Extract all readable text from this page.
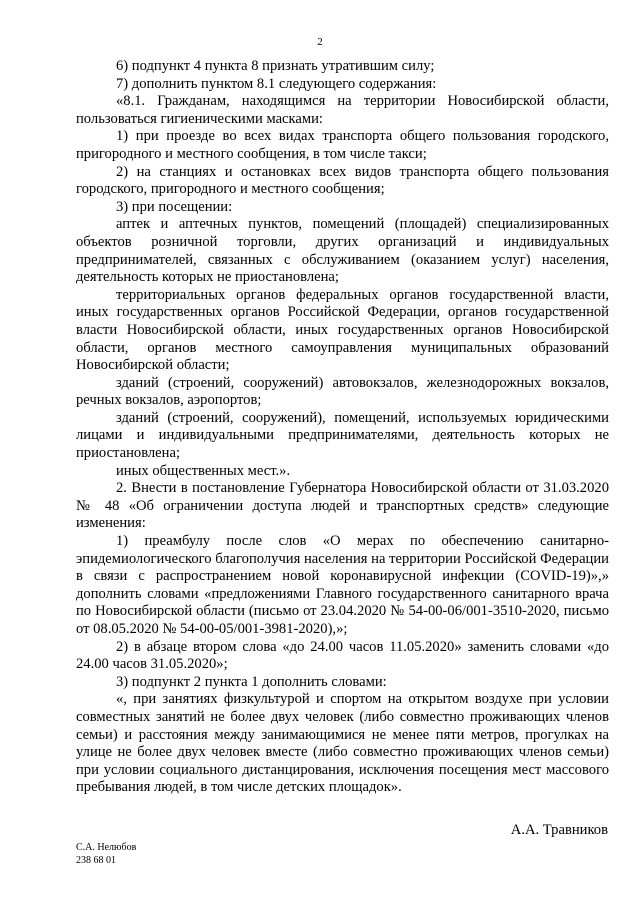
2

6) подпункт 4 пункта 8 признать утратившим силу;

7) дополнить пунктом 8.1 следующего содержания:

«8.1. Гражданам, находящимся на территории Новосибирской области, пользоваться гигиеническими масками:

1) при проезде во всех видах транспорта общего пользования городского, пригородного и местного сообщения, в том числе такси;

2) на станциях и остановках всех видов транспорта общего пользования городского, пригородного и местного сообщения;

3) при посещении:

аптек и аптечных пунктов, помещений (площадей) специализированных объектов розничной торговли, других организаций и индивидуальных предпринимателей, связанных с обслуживанием (оказанием услуг) населения, деятельность которых не приостановлена;

территориальных органов федеральных органов государственной власти, иных государственных органов Российской Федерации, органов государственной власти Новосибирской области, иных государственных органов Новосибирской области, органов местного самоуправления муниципальных образований Новосибирской области;

зданий (строений, сооружений) автовокзалов, железнодорожных вокзалов, речных вокзалов, аэропортов;

зданий (строений, сооружений), помещений, используемых юридическими лицами и индивидуальными предпринимателями, деятельность которых не приостановлена;

иных общественных мест.».

2. Внести в постановление Губернатора Новосибирской области от 31.03.2020 № 48 «Об ограничении доступа людей и транспортных средств» следующие изменения:

1) преамбулу после слов «О мерах по обеспечению санитарно-эпидемиологического благополучия населения на территории Российской Федерации в связи с распространением новой коронавирусной инфекции (COVID-19)»,» дополнить словами «предложениями Главного государственного санитарного врача по Новосибирской области (письмо от 23.04.2020 № 54-00-06/001-3510-2020, письмо от 08.05.2020 № 54-00-05/001-3981-2020),»;

2) в абзаце втором слова «до 24.00 часов 11.05.2020» заменить словами «до 24.00 часов 31.05.2020»;

3) подпункт 2 пункта 1 дополнить словами:

«, при занятиях физкультурой и спортом на открытом воздухе при условии совместных занятий не более двух человек (либо совместно проживающих членов семьи) и расстояния между занимающимися не менее пяти метров, прогулках на улице не более двух человек вместе (либо совместно проживающих членов семьи) при условии социального дистанцирования, исключения посещения мест массового пребывания людей, в том числе детских площадок».

А.А. Травников
С.А. Нелюбов
238 68 01
